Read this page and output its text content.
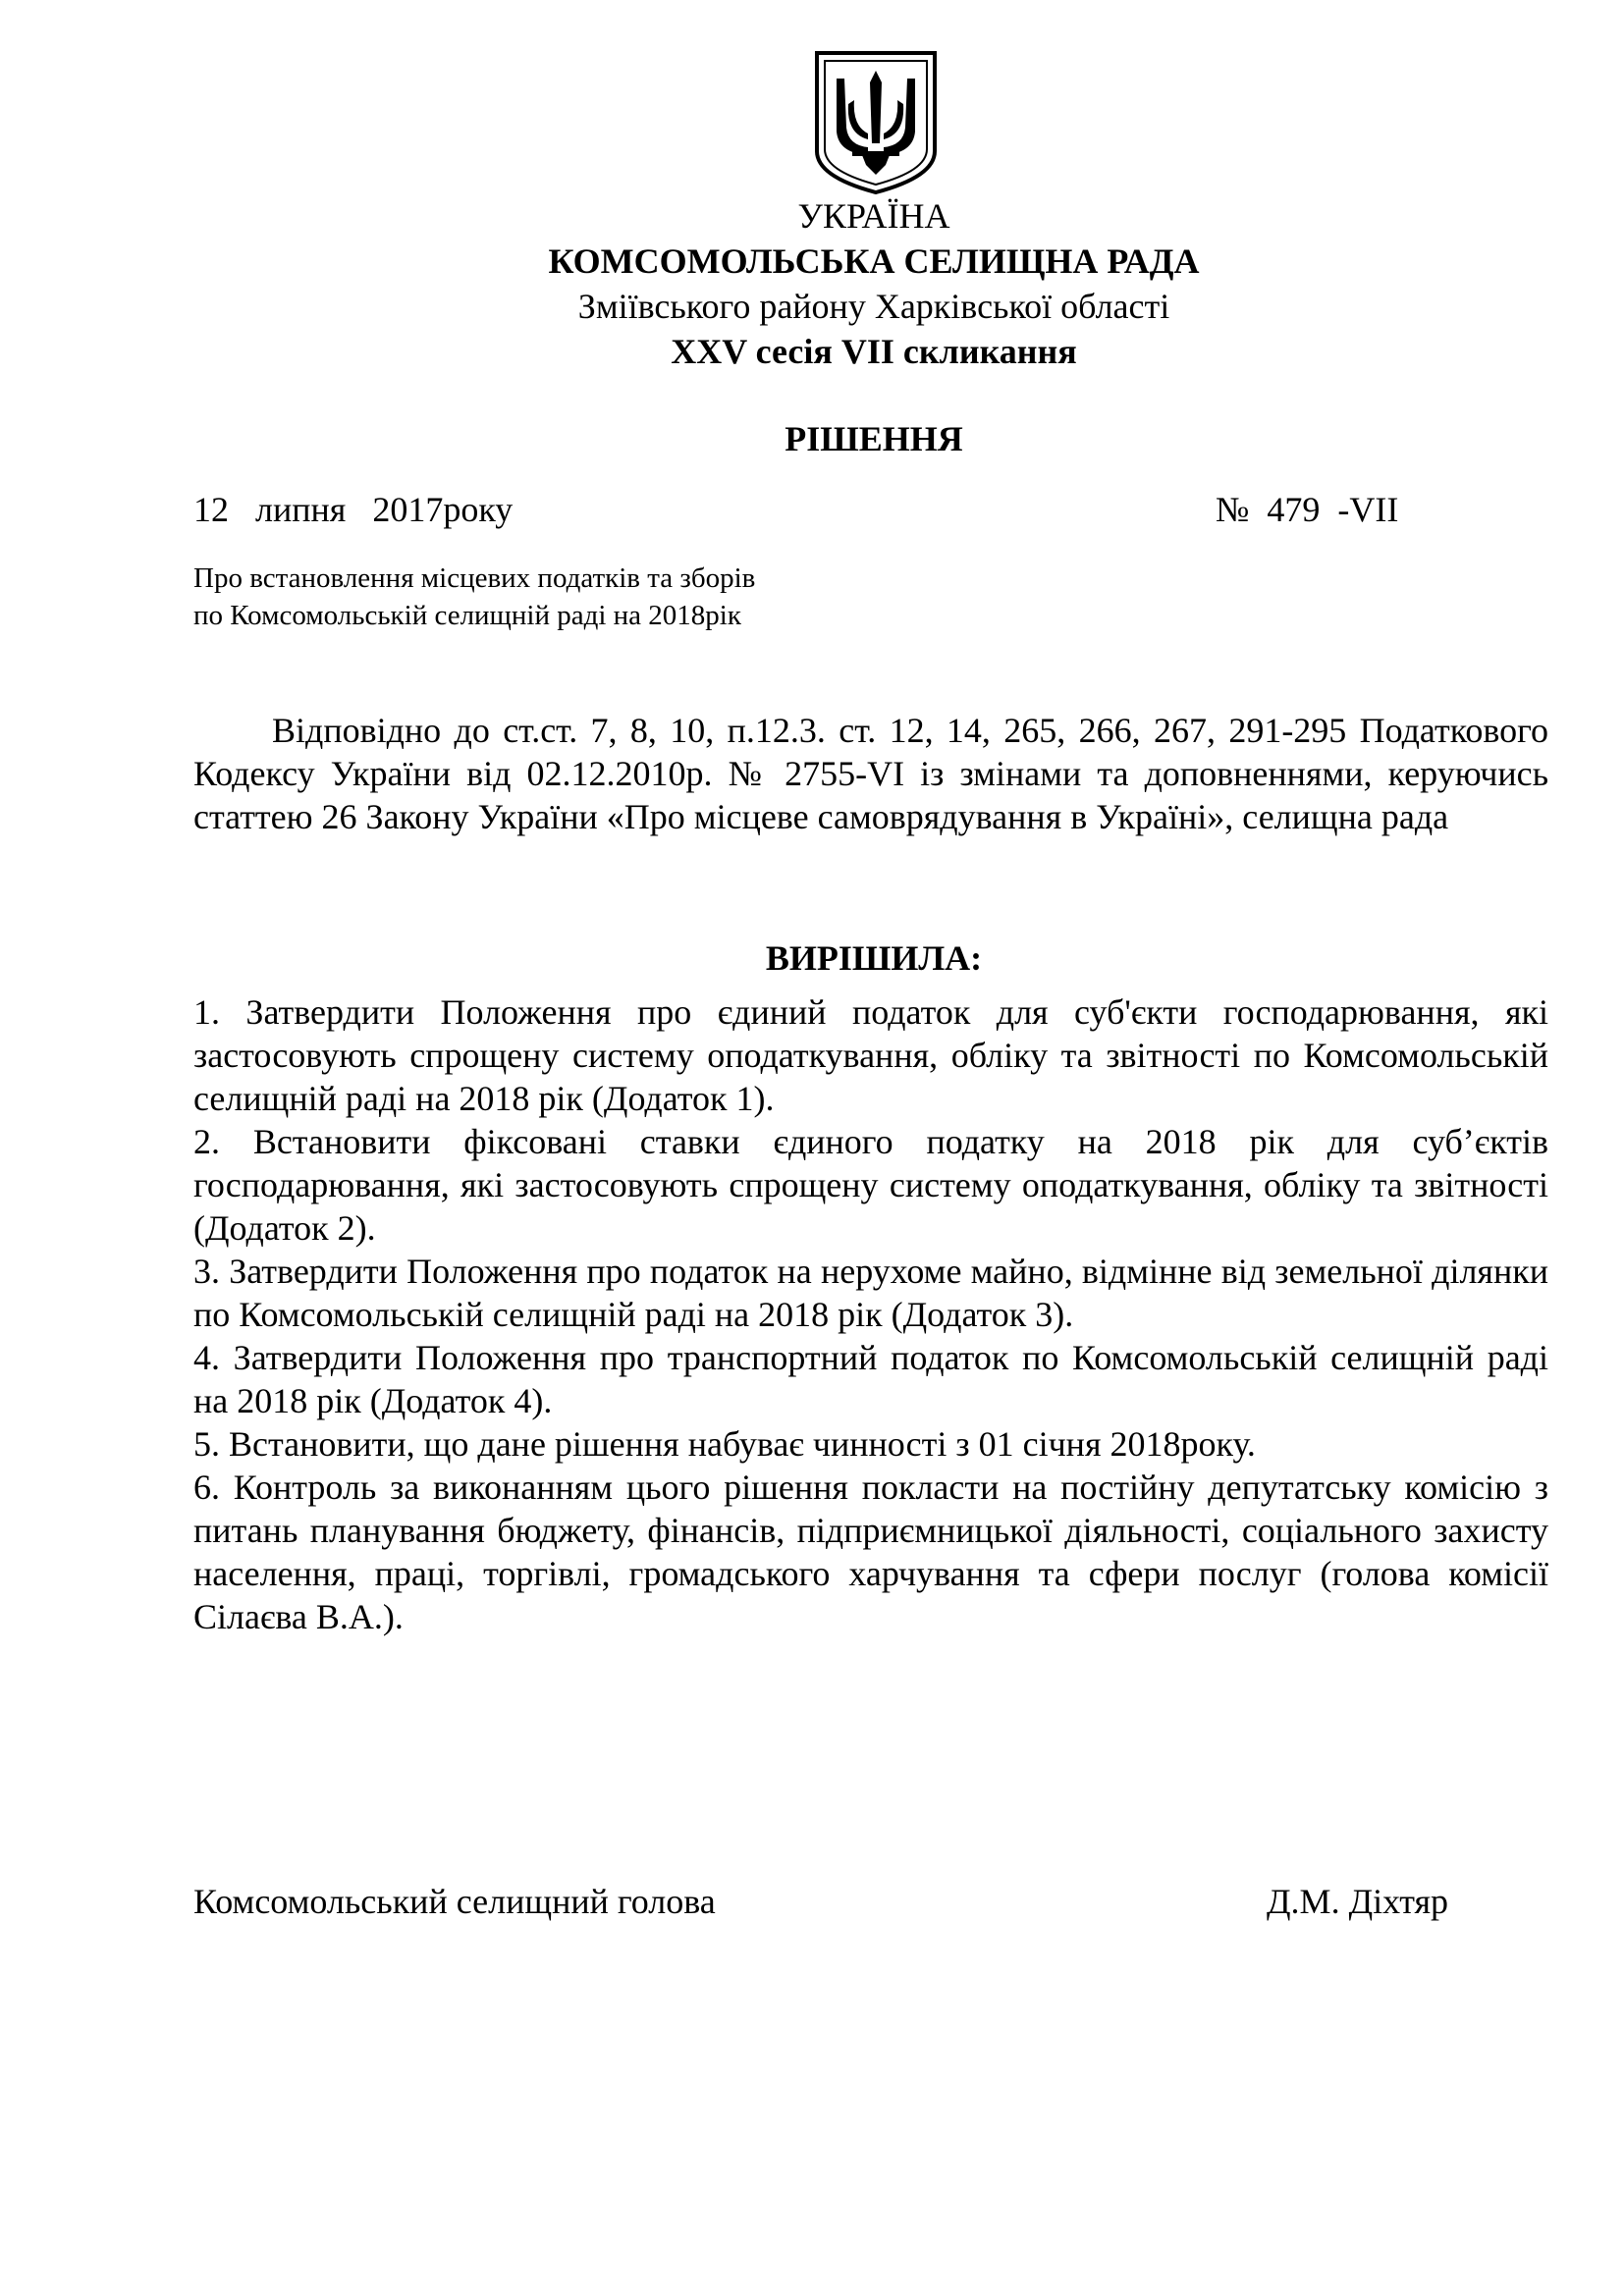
УКРАЇНА
КОМСОМОЛЬСЬКА СЕЛИЩНА РАДА
Зміївського району Харківської області
XXV сесія VII скликання
РІШЕННЯ
12   липня   2017року	№  479  -VII
Про встановлення місцевих податків та зборів
по Комсомольській селищній раді на 2018рік
Відповідно до ст.ст. 7, 8, 10, п.12.3. ст. 12, 14, 265, 266, 267, 291-295 Податкового Кодексу України від 02.12.2010р. № 2755-VI із змінами та доповненнями, керуючись статтею 26 Закону України «Про місцеве самоврядування в Україні», селищна рада
ВИРІШИЛА:

1. Затвердити Положення про єдиний податок для суб'єкти господарювання, які застосовують спрощену систему оподаткування, обліку та звітності по Комсомольській селищній раді на 2018 рік (Додаток 1).

2. Встановити фіксовані ставки єдиного податку на 2018 рік для суб’єктів господарювання, які застосовують спрощену систему оподаткування, обліку та звітності (Додаток 2).

3. Затвердити Положення про податок на нерухоме майно, відмінне від земельної ділянки по Комсомольській селищній раді на 2018 рік (Додаток 3).

4. Затвердити Положення про транспортний податок по Комсомольській селищній раді на 2018 рік (Додаток 4).

5. Встановити, що дане рішення набуває чинності з 01 січня 2018року.

6. Контроль за виконанням цього рішення покласти на постійну депутатську комісію з питань планування бюджету, фінансів, підприємницької діяльності, соціального захисту населення, праці, торгівлі, громадського харчування та сфери послуг (голова комісії Сілаєва В.А.).

Комсомольський селищний голова	Д.М. Діхтяр
